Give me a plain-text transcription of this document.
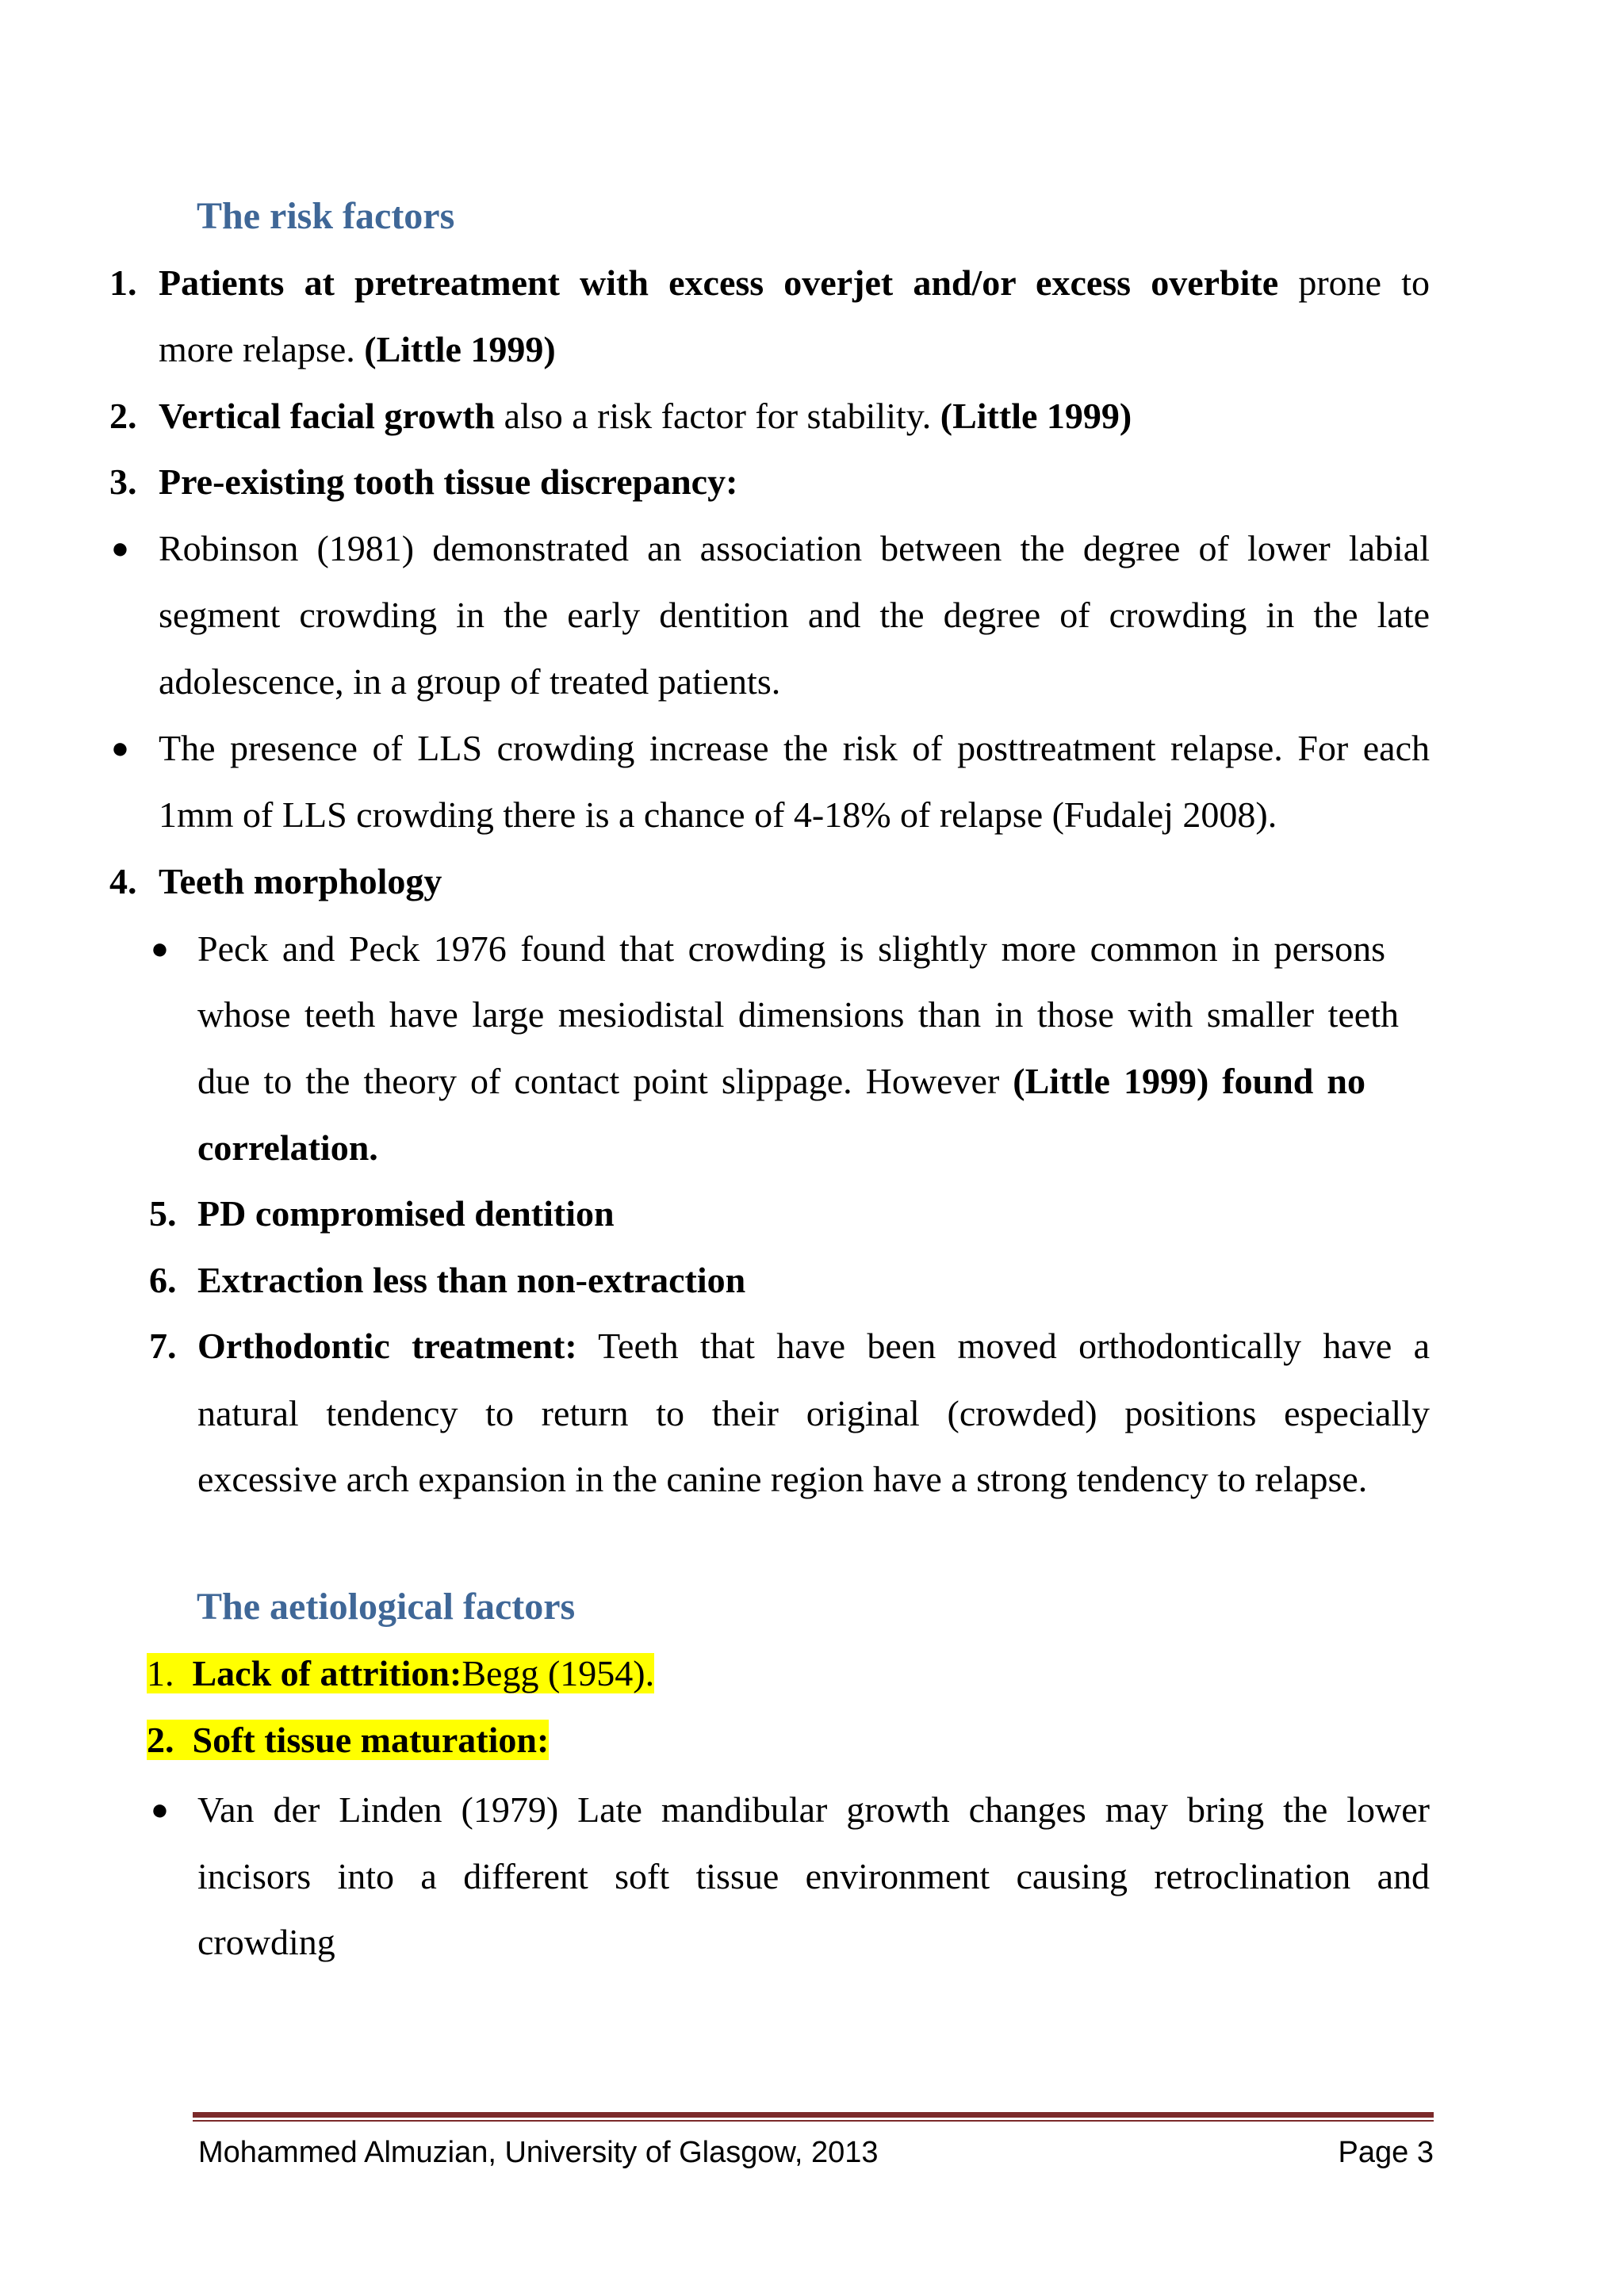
The risk factors
1. Patients at pretreatment with excess overjet and/or excess overbite prone to
more relapse. (Little 1999)
2. Vertical facial growth also a risk factor for stability. (Little 1999)
3. Pre-existing tooth tissue discrepancy:
● Robinson (1981) demonstrated an association between the degree of lower labial
segment crowding in the early dentition and the degree of crowding in the late
adolescence, in a group of treated patients.
● The presence of LLS crowding increase the risk of posttreatment relapse. For each
1mm of LLS crowding there is a chance of 4-18% of relapse (Fudalej 2008).
4. Teeth morphology
● Peck and Peck 1976 found that crowding is slightly more common in persons
whose teeth have large mesiodistal dimensions than in those with smaller teeth
due to the theory of contact point slippage. However (Little 1999) found no
correlation.
5. PD compromised dentition
6. Extraction less than non-extraction
7. Orthodontic treatment: Teeth that have been moved orthodontically have a
natural tendency to return to their original (crowded) positions especially
excessive arch expansion in the canine region have a strong tendency to relapse.
The aetiological factors
1. Lack of attrition:Begg (1954).
2. Soft tissue maturation:
● Van der Linden (1979) Late mandibular growth changes may bring the lower
incisors into a different soft tissue environment causing retroclination and
crowding
Mohammed Almuzian, University of Glasgow, 2013	Page 3
